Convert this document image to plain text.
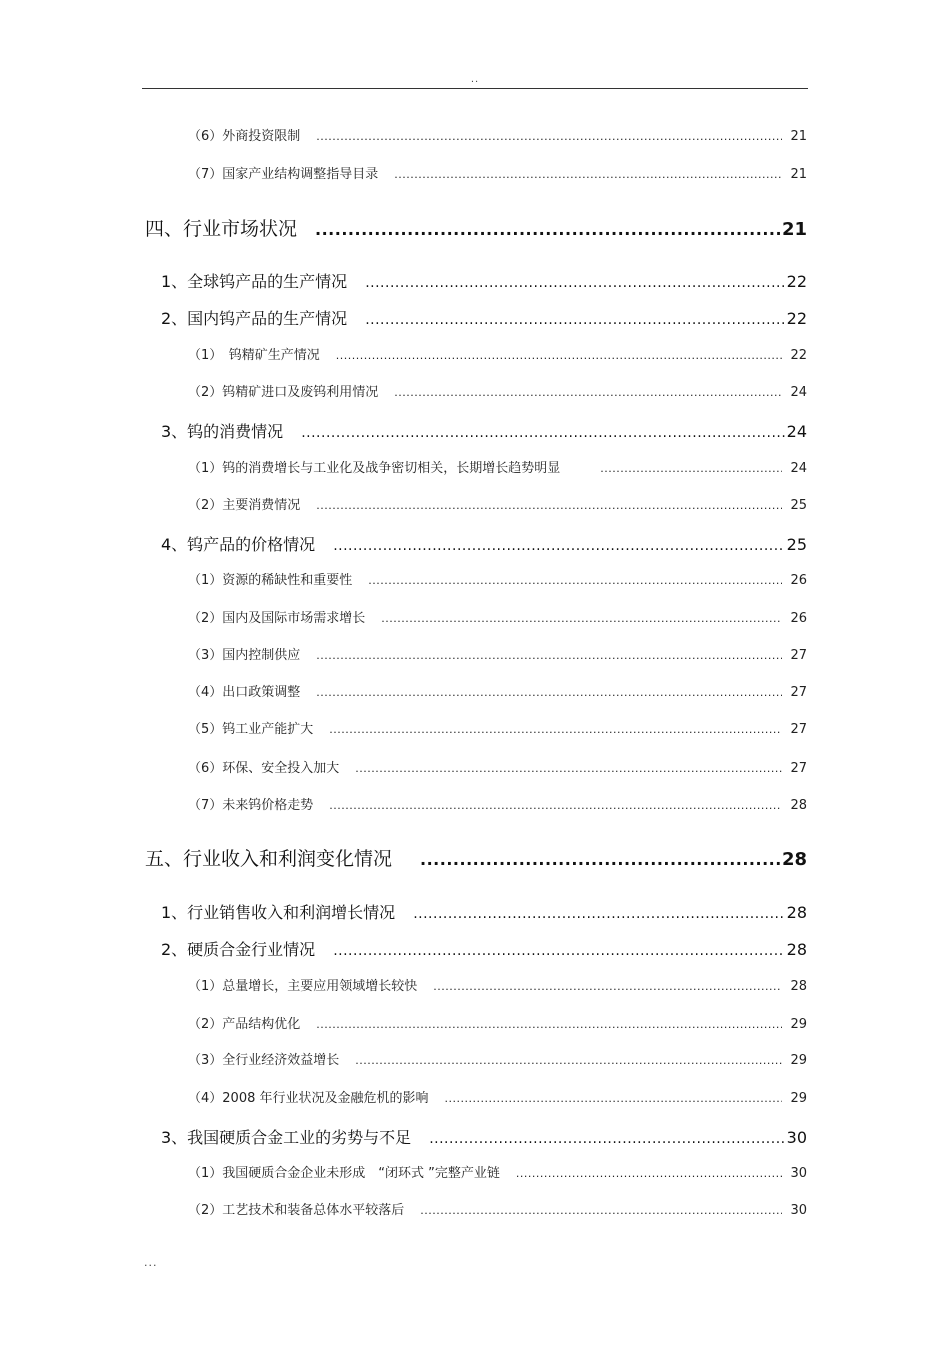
..
（6）外商投资限制 .....	21
（7）国家产业结构调整指导目录 .....	21
四、行业市场状况 .....	21
1、全球钨产品的生产情况 .....	22
2、国内钨产品的生产情况 .....	22
（1）　钨精矿生产情况 .....	22
（2）钨精矿进口及废钨利用情况 .....	24
3、钨的消费情况 .....	24
（1）钨的消费增长与工业化及战争密切相关，长期增长趋势明显 .....	24
（2）主要消费情况 .....	25
4、钨产品的价格情况 .....	25
（1）资源的稀缺性和重要性 .....	26
（2）国内及国际市场需求增长 .....	26
（3）国内控制供应 .....	27
（4）出口政策调整 .....	27
（5）钨工业产能扩大 .....	27
（6）环保、安全投入加大 .....	27
（7）未来钨价格走势 .....	28
五、行业收入和利润变化情况 .....	28
1、行业销售收入和利润增长情况 .....	28
2、硬质合金行业情况 .....	28
（1）总量增长，主要应用领域增长较快 .....	28
（2）产品结构优化 .....	29
（3）全行业经济效益增长 .....	29
（4）2008 年行业状况及金融危机的影响 .....	29
3、我国硬质合金工业的劣势与不足 .....	30
（1）我国硬质合金企业未形成　“闭环式 ”完整产业链 .....	30
（2）工艺技术和装备总体水平较落后 .....	30
...
